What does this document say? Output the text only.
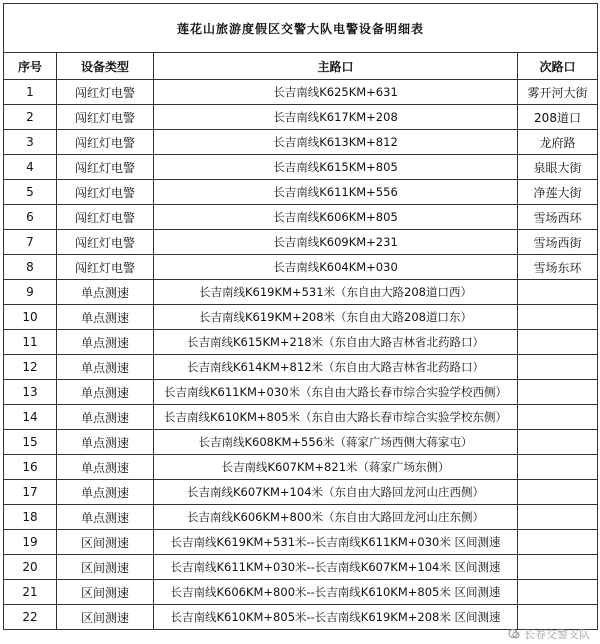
莲花山旅游度假区交警大队电警设备明细表			
序号	设备类型	主路口	次路口
1	闯红灯电警	长吉南线K625KM+631	雾开河大街
2	闯红灯电警	长吉南线K617KM+208	208道口
3	闯红灯电警	长吉南线K613KM+812	龙府路
4	闯红灯电警	长吉南线K615KM+805	泉眼大街
5	闯红灯电警	长吉南线K611KM+556	净莲大街
6	闯红灯电警	长吉南线K606KM+805	雪场西环
7	闯红灯电警	长吉南线K609KM+231	雪场西街
8	闯红灯电警	长吉南线K604KM+030	雪场东环
9	单点测速	长吉南线K619KM+531米（东自由大路208道口西）	
10	单点测速	长吉南线K619KM+208米（东自由大路208道口东）	
11	单点测速	长吉南线K615KM+218米（东自由大路吉林省北药路口）	
12	单点测速	长吉南线K614KM+812米（东自由大路吉林省北药路口）	
13	单点测速	长吉南线K611KM+030米（东自由大路长春市综合实验学校西侧）	
14	单点测速	长吉南线K610KM+805米（东自由大路长春市综合实验学校东侧）	
15	单点测速	长吉南线K608KM+556米（蒋家广场西侧大蒋家屯）	
16	单点测速	长吉南线K607KM+821米（蒋家广场东侧）	
17	单点测速	长吉南线K607KM+104米（东自由大路回龙河山庄西侧）	
18	单点测速	长吉南线K606KM+800米（东自由大路回龙河山庄东侧）	
19	区间测速	长吉南线K619KM+531米--长吉南线K611KM+030米 区间测速	
20	区间测速	长吉南线K611KM+030米--长吉南线K607KM+104米 区间测速	
21	区间测速	长吉南线K606KM+800米--长吉南线K610KM+805米 区间测速	
22	区间测速	长吉南线K610KM+805米--长吉南线K619KM+208米 区间测速	
长春交警支队
